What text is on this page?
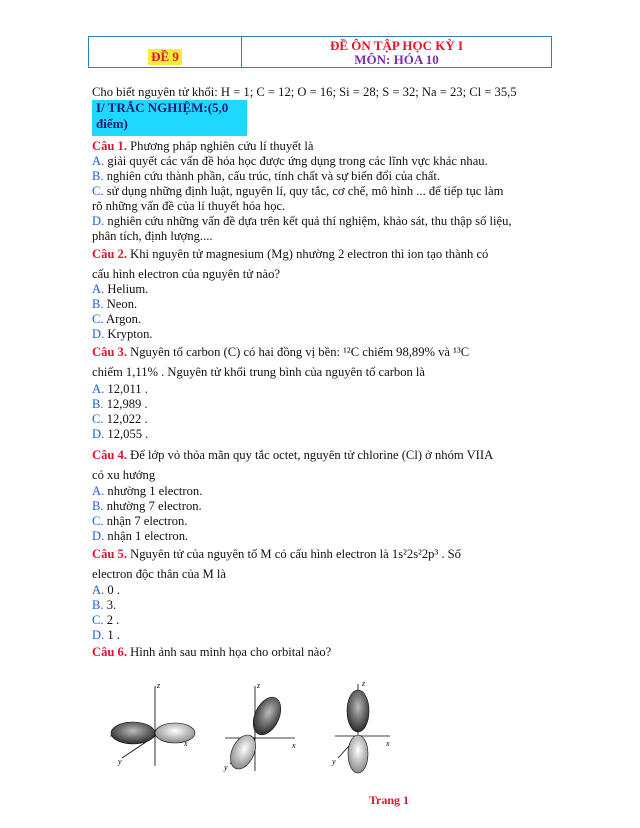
ĐỀ 9
ĐỀ ÔN TẬP HỌC KỲ I
MÔN: HÓA 10
Cho biết nguyên tử khối: H = 1; C = 12; O = 16; Si = 28; S = 32; Na = 23; Cl = 35,5
I/ TRẮC NGHIỆM:(5,0 điểm)
Câu 1. Phương pháp nghiên cứu lí thuyết là
A. giải quyết các vấn đề hóa học được ứng dụng trong các lĩnh vực khác nhau.
B. nghiên cứu thành phần, cấu trúc, tính chất và sự biến đổi của chất.
C. sử dụng những định luật, nguyên lí, quy tắc, cơ chế, mô hình ... để tiếp tục làm
rõ những vấn đề của lí thuyết hóa học.
D. nghiên cứu những vấn đề dựa trên kết quả thí nghiệm, khảo sát, thu thập số liệu,
phân tích, định lượng....
Câu 2. Khi nguyên tử magnesium (Mg) nhường 2 electron thì ion tạo thành có
cấu hình electron của nguyên tử nào?
A. Helium.
B. Neon.
C. Argon.
D. Krypton.
Câu 3. Nguyên tố carbon (C) có hai đồng vị bền: ¹²C chiếm 98,89% và ¹³C
chiếm 1,11% . Nguyên tử khối trung bình của nguyên tố carbon là
A. 12,011 .
B. 12,989 .
C. 12,022 .
D. 12,055 .
Câu 4. Để lớp vỏ thỏa mãn quy tắc octet, nguyên tử chlorine (Cl) ở nhóm VIIA
có xu hướng
A. nhường 1 electron.
B. nhường 7 electron.
C. nhận 7 electron.
D. nhận 1 electron.
Câu 5. Nguyên tử của nguyên tố M có cấu hình electron là 1s²2s²2p³ . Số
electron độc thân của M là
A. 0 .
B. 3.
C. 2 .
D. 1 .
Câu 6. Hình ảnh sau minh họa cho orbital nào?
z
x
y
z
x
y
z
x
y
Trang 1
